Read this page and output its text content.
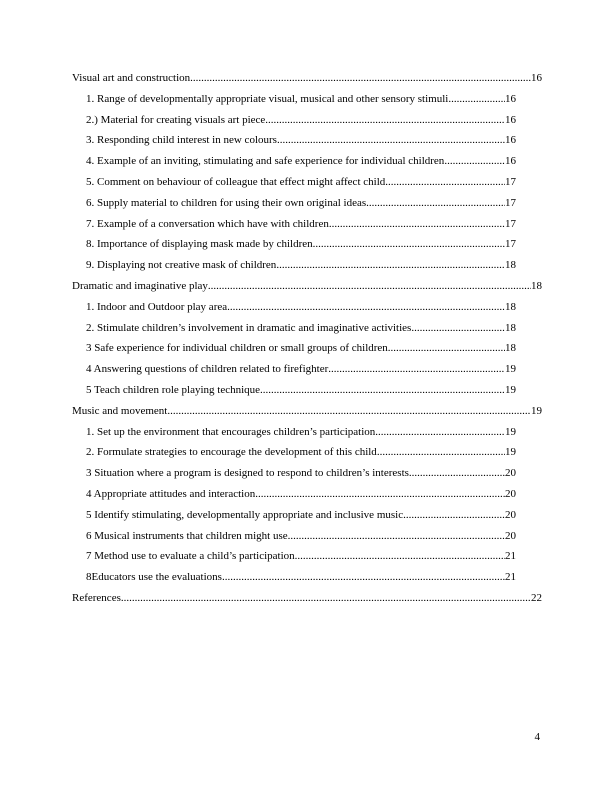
Visual art and construction .....	16
1. Range of developmentally appropriate visual, musical and other sensory stimuli .....	16
2.) Material for creating visuals art piece .....	16
3. Responding child interest in new colours .....	16
4. Example of an inviting, stimulating and safe experience for individual children .....	16
5. Comment on behaviour of colleague that effect might affect child .....	17
6. Supply material to children for using their own original ideas .....	17
7. Example of a conversation which have with children .....	17
8. Importance of displaying mask made by children .....	17
9. Displaying not creative mask of children .....	18
Dramatic and imaginative play .....	18
1. Indoor and Outdoor play area .....	18
2. Stimulate children’s involvement in dramatic and imaginative activities .....	18
3 Safe experience for individual children or small groups of children .....	18
4 Answering questions of children related to firefighter .....	19
5 Teach children role playing technique .....	19
Music and movement .....	19
1. Set up the environment that encourages children’s participation .....	19
2. Formulate strategies to encourage the development of this child .....	19
3 Situation where a program is designed to respond to children’s interests .....	20
4 Appropriate attitudes and interaction .....	20
5 Identify stimulating, developmentally appropriate and inclusive music .....	20
6 Musical instruments that children might use .....	20
7 Method use to evaluate a child’s participation .....	21
8Educators use the evaluations .....	21
References .....	22
4
